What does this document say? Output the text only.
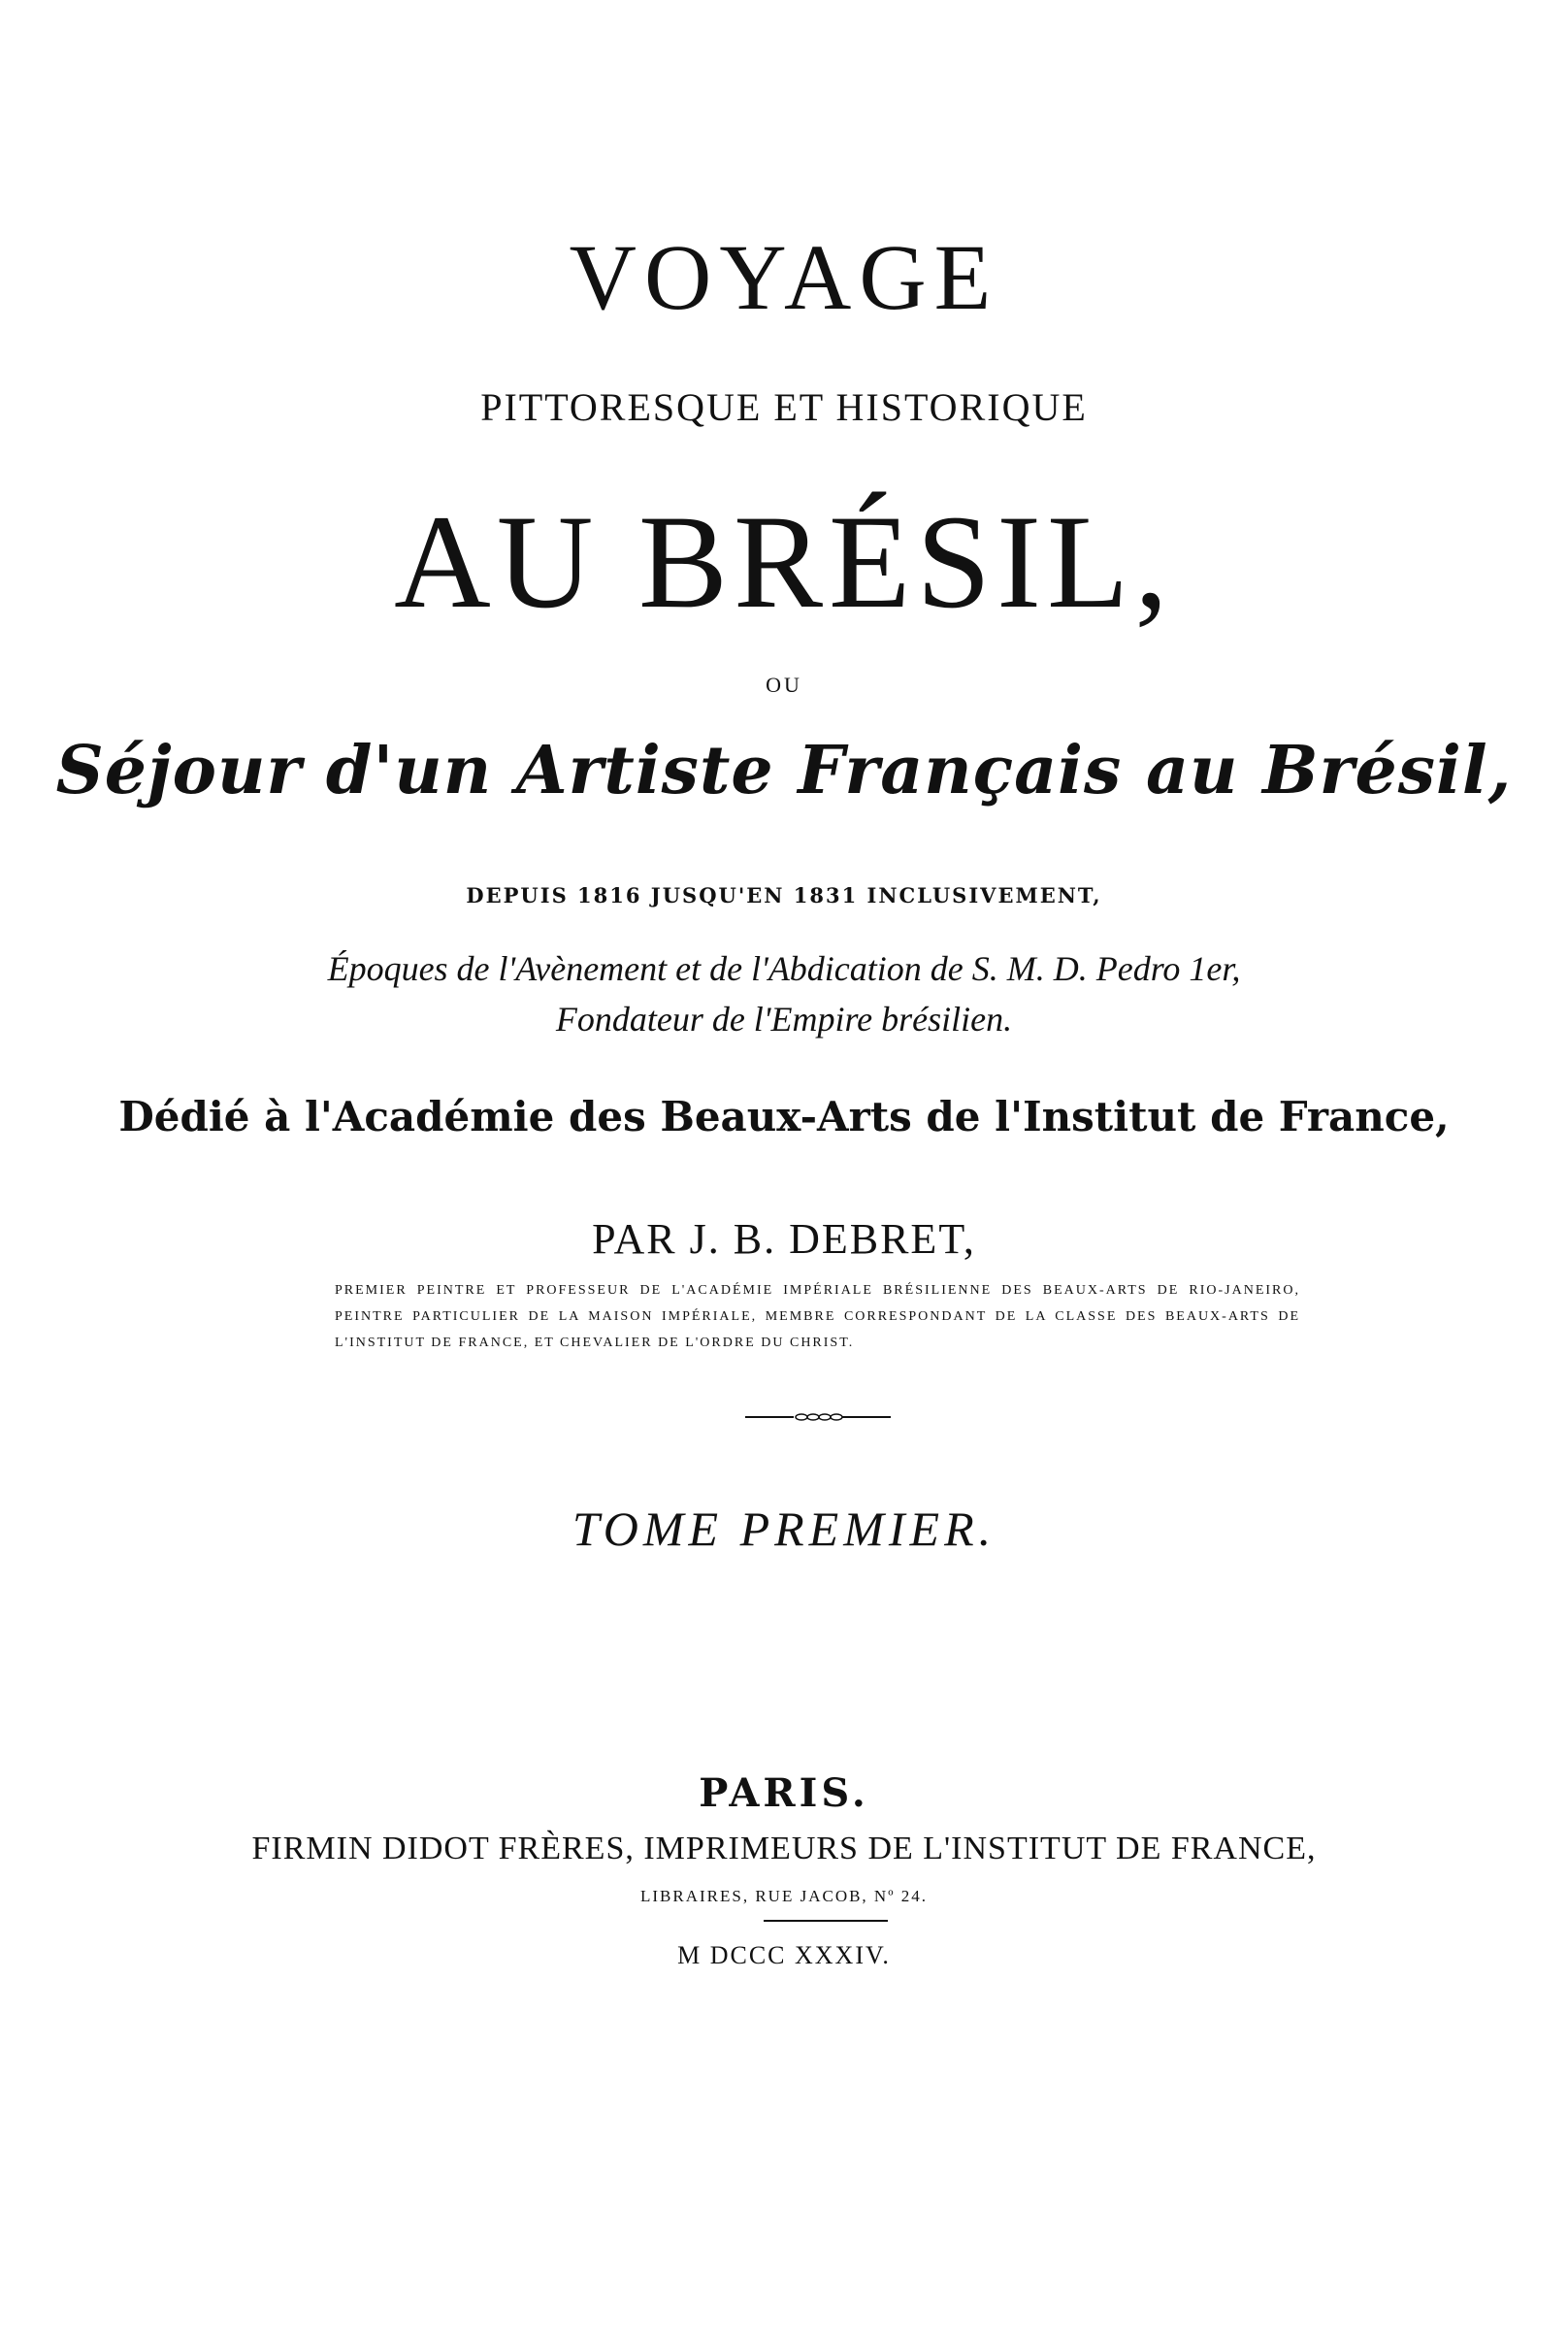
VOYAGE
PITTORESQUE ET HISTORIQUE
AU BRÉSIL,
OU
Séjour d'un Artiste Français au Brésil,
DEPUIS 1816 JUSQU'EN 1831 INCLUSIVEMENT,
Époques de l'Avènement et de l'Abdication de S. M. D. Pedro 1er,
Fondateur de l'Empire brésilien.
Dédié à l'Académie des Beaux-Arts de l'Institut de France,
PAR J. B. DEBRET,
PREMIER PEINTRE ET PROFESSEUR DE L'ACADÉMIE IMPÉRIALE BRÉSILIENNE DES BEAUX-ARTS DE RIO-JANEIRO, PEINTRE PARTICULIER DE LA MAISON IMPÉRIALE, MEMBRE CORRESPONDANT DE LA CLASSE DES BEAUX-ARTS DE L'INSTITUT DE FRANCE, ET CHEVALIER DE L'ORDRE DU CHRIST.
TOME PREMIER.
PARIS.
FIRMIN DIDOT FRÈRES, IMPRIMEURS DE L'INSTITUT DE FRANCE,
LIBRAIRES, RUE JACOB, Nº 24.
M DCCC XXXIV.
